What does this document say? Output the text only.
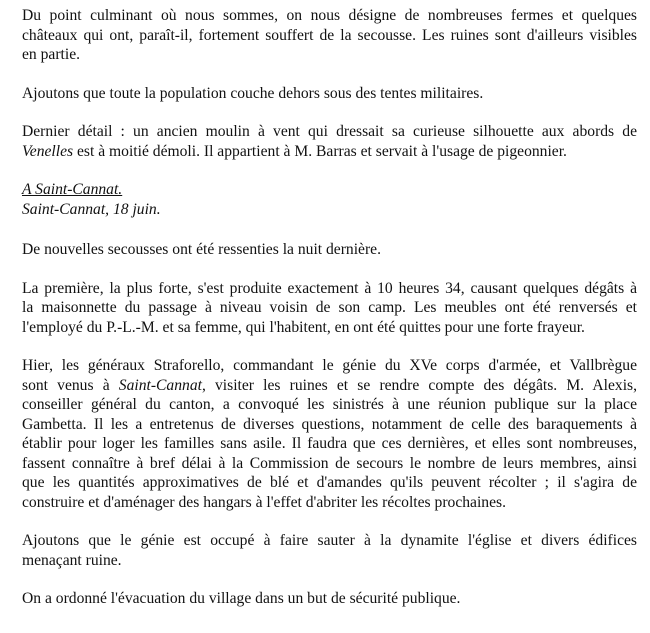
Du point culminant où nous sommes, on nous désigne de nombreuses fermes et quelques
châteaux qui ont, paraît-il, fortement souffert de la secousse. Les ruines sont d'ailleurs visibles
en partie.
Ajoutons que toute la population couche dehors sous des tentes militaires.
Dernier détail : un ancien moulin à vent qui dressait sa curieuse silhouette aux abords de
Venelles est à moitié démoli. Il appartient à M. Barras et servait à l'usage de pigeonnier.
A Saint-Cannat.
Saint-Cannat, 18 juin.
De nouvelles secousses ont été ressenties la nuit dernière.
La première, la plus forte, s'est produite exactement à 10 heures 34, causant quelques dégâts à
la maisonnette du passage à niveau voisin de son camp. Les meubles ont été renversés et
l'employé du P.-L.-M. et sa femme, qui l'habitent, en ont été quittes pour une forte frayeur.
Hier, les généraux Straforello, commandant le génie du XVe corps d'armée, et Vallbrègue
sont venus à Saint-Cannat, visiter les ruines et se rendre compte des dégâts. M. Alexis,
conseiller général du canton, a convoqué les sinistrés à une réunion publique sur la place
Gambetta. Il les a entretenus de diverses questions, notamment de celle des baraquements à
établir pour loger les familles sans asile. Il faudra que ces dernières, et elles sont nombreuses,
fassent connaître à bref délai à la Commission de secours le nombre de leurs membres, ainsi
que les quantités approximatives de blé et d'amandes qu'ils peuvent récolter ; il s'agira de
construire et d'aménager des hangars à l'effet d'abriter les récoltes prochaines.
Ajoutons que le génie est occupé à faire sauter à la dynamite l'église et divers édifices
menaçant ruine.
On a ordonné l'évacuation du village dans un but de sécurité publique.
